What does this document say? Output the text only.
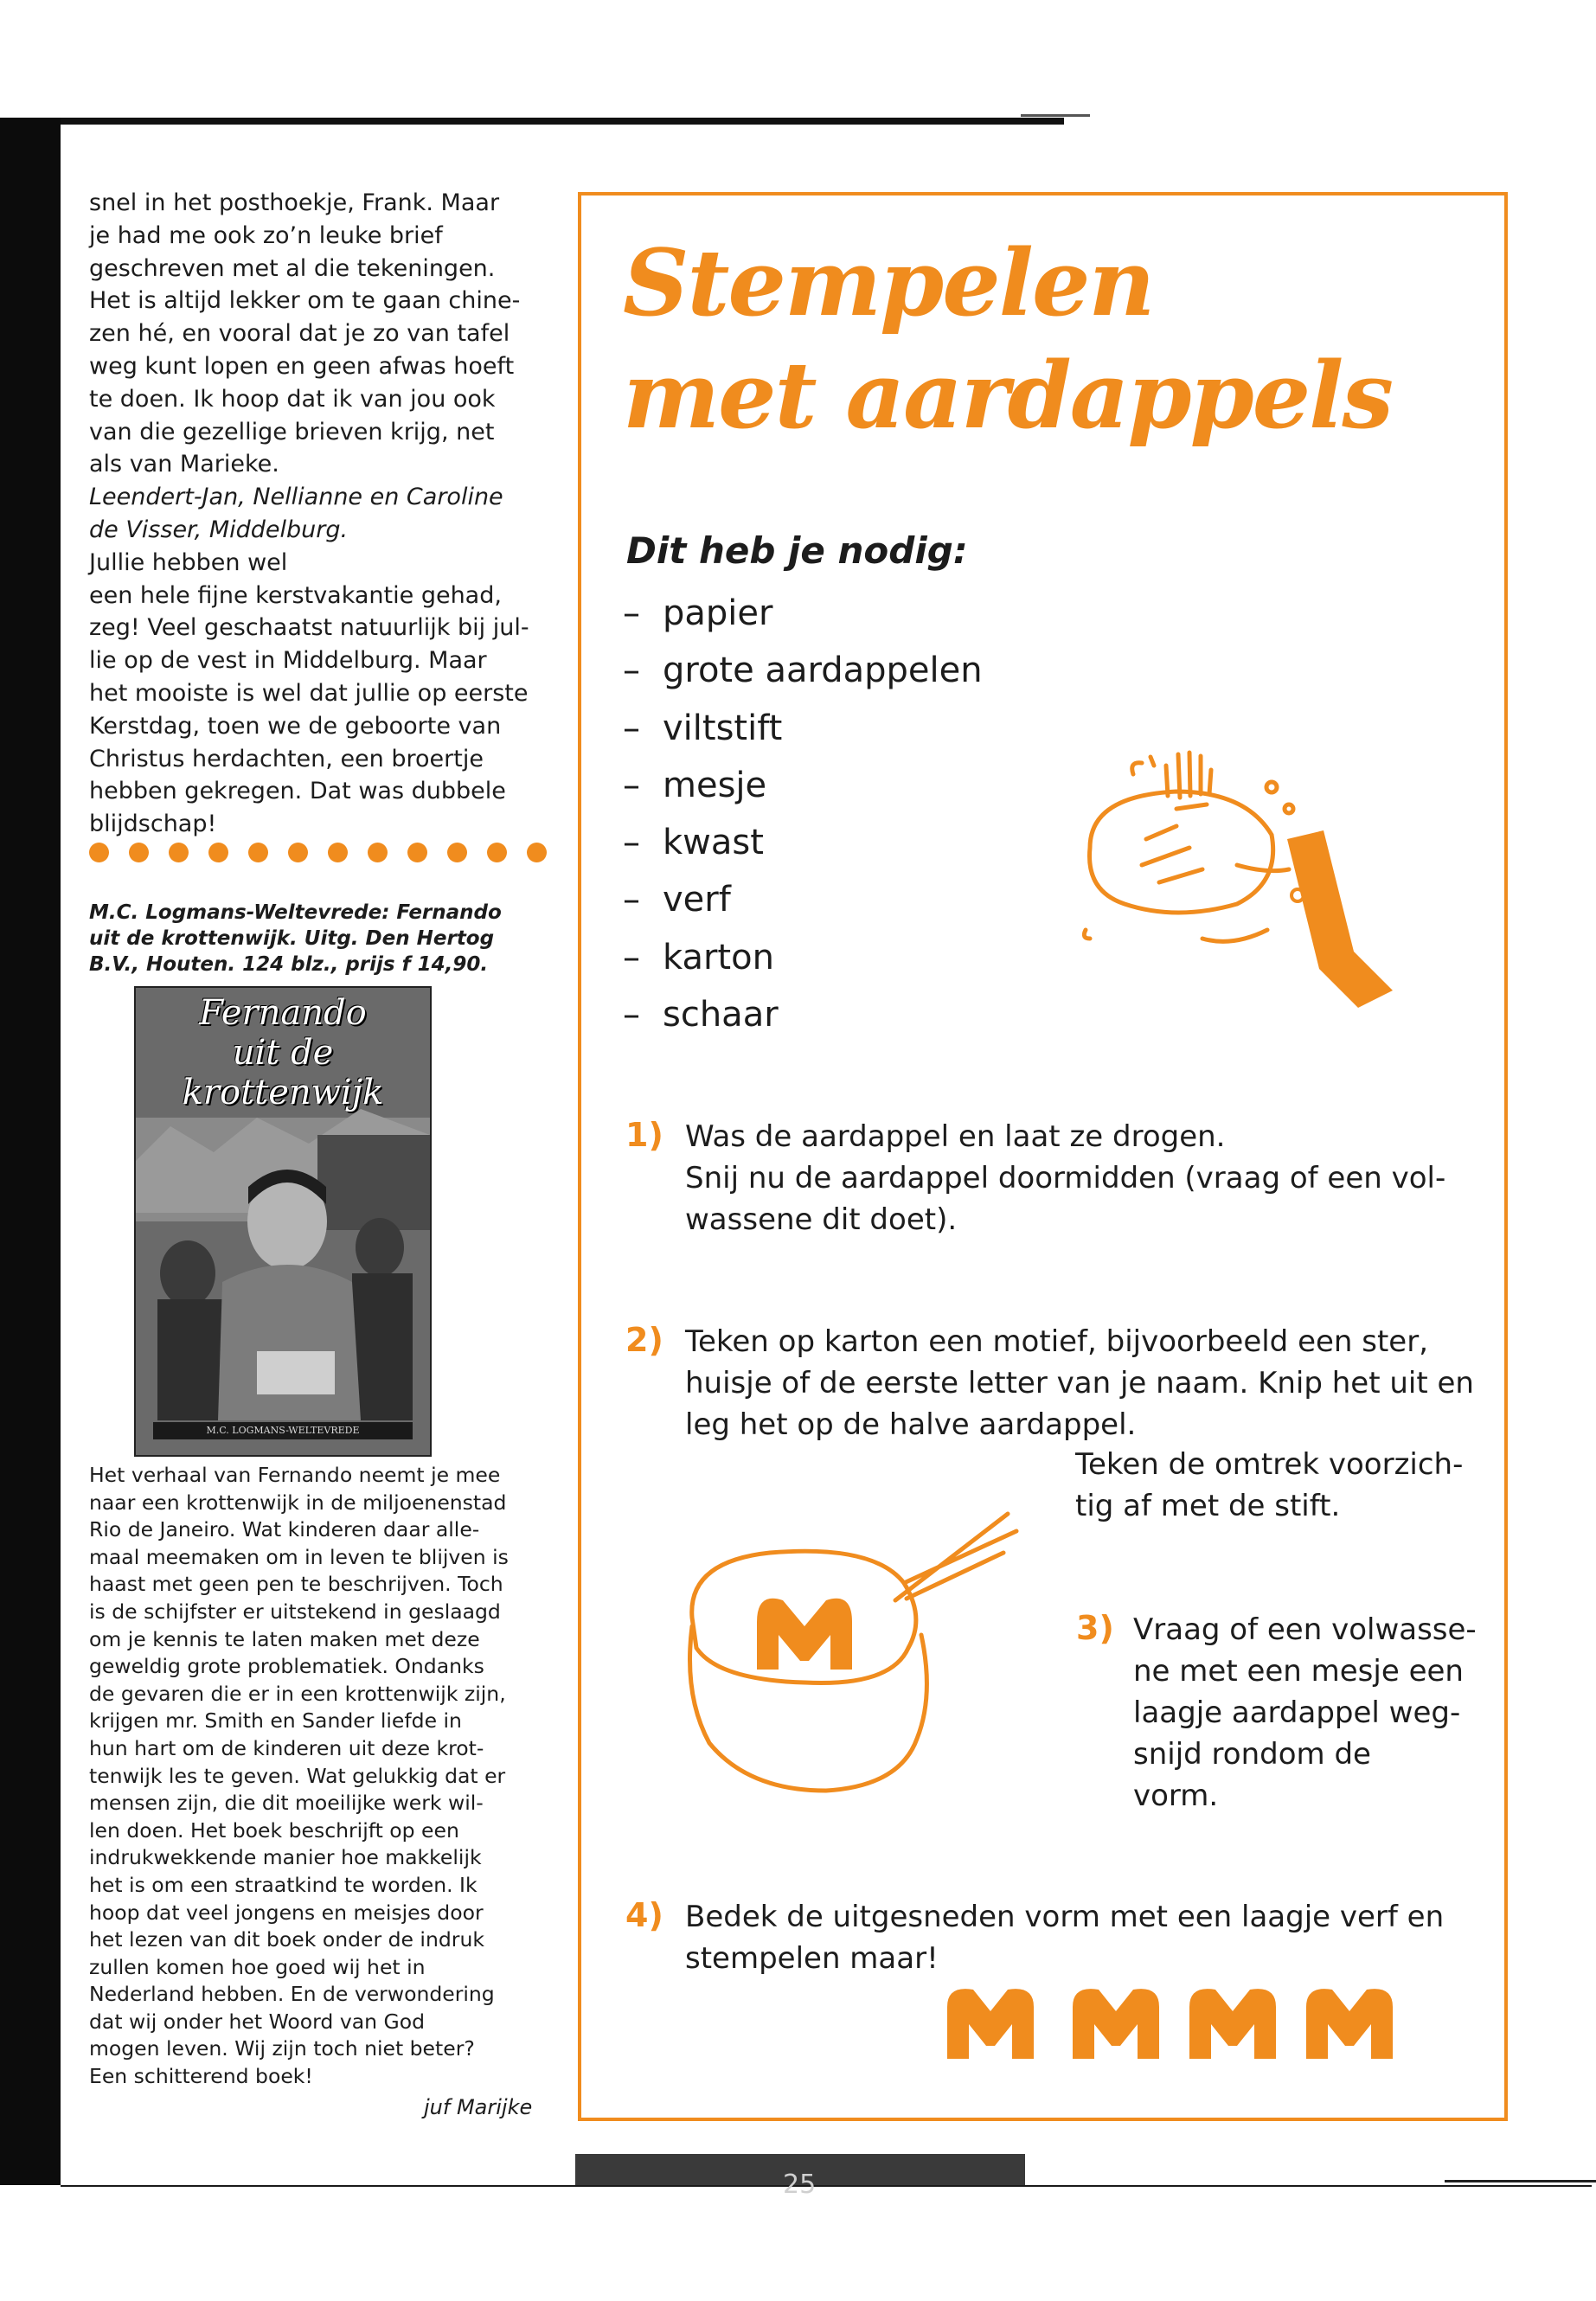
25

snel in het posthoekje, Frank. Maar

je had me ook zo’n leuke brief

geschreven met al die tekeningen.

Het is altijd lekker om te gaan chine-

zen hé, en vooral dat je zo van tafel

weg kunt lopen en geen afwas hoeft

te doen. Ik hoop dat ik van jou ook

van die gezellige brieven krijg, net

als van Marieke.

Leendert-Jan, Nellianne en Caroline de Visser, Middelburg.

Jullie hebben wel

een hele fijne kerstvakantie gehad,

zeg! Veel geschaatst natuurlijk bij jul-

lie op de vest in Middelburg. Maar

het mooiste is wel dat jullie op eerste

Kerstdag, toen we de geboorte van

Christus herdachten, een broertje

hebben gekregen. Dat was dubbele

blijdschap!

M.C. Logmans-Weltevrede: Fernando uit de krottenwijk. Uitg. Den Hertog B.V., Houten. 124 blz., prijs f 14,90.
Fernando
uit de
krottenwijk
M.C. LOGMANS-WELTEVREDE
Het verhaal van Fernando neemt je mee
naar een krottenwijk in de miljoenenstad
Rio de Janeiro. Wat kinderen daar alle-
maal meemaken om in leven te blijven is
haast met geen pen te beschrijven. Toch
is de schijfster er uitstekend in geslaagd
om je kennis te laten maken met deze
geweldig grote problematiek. Ondanks
de gevaren die er in een krottenwijk zijn,
krijgen mr. Smith en Sander liefde in
hun hart om de kinderen uit deze krot-
tenwijk les te geven. Wat gelukkig dat er
mensen zijn, die dit moeilijke werk wil-
len doen. Het boek beschrijft op een
indrukwekkende manier hoe makkelijk
het is om een straatkind te worden. Ik
hoop dat veel jongens en meisjes door
het lezen van dit boek onder de indruk
zullen komen hoe goed wij het in
Nederland hebben. En de verwondering
dat wij onder het Woord van God
mogen leven. Wij zijn toch niet beter?
Een schitterend boek!
juf Marijke
Stempelen
met aardappels
Dit heb je nodig:
– papier
– grote aardappelen
– viltstift
– mesje
– kwast
– verf
– karton
– schaar
1) Was de aardappel en laat ze drogen.
Snij nu de aardappel doormidden (vraag of een vol-
wassene dit doet).
2) Teken op karton een motief, bijvoorbeeld een ster,
huisje of de eerste letter van je naam. Knip het uit en
leg het op de halve aardappel.
Teken de omtrek voorzich-
tig af met de stift.
3) Vraag of een volwasse-
ne met een mesje een
laagje aardappel weg-
snijd rondom de
vorm.
4) Bedek de uitgesneden vorm met een laagje verf en
stempelen maar!
